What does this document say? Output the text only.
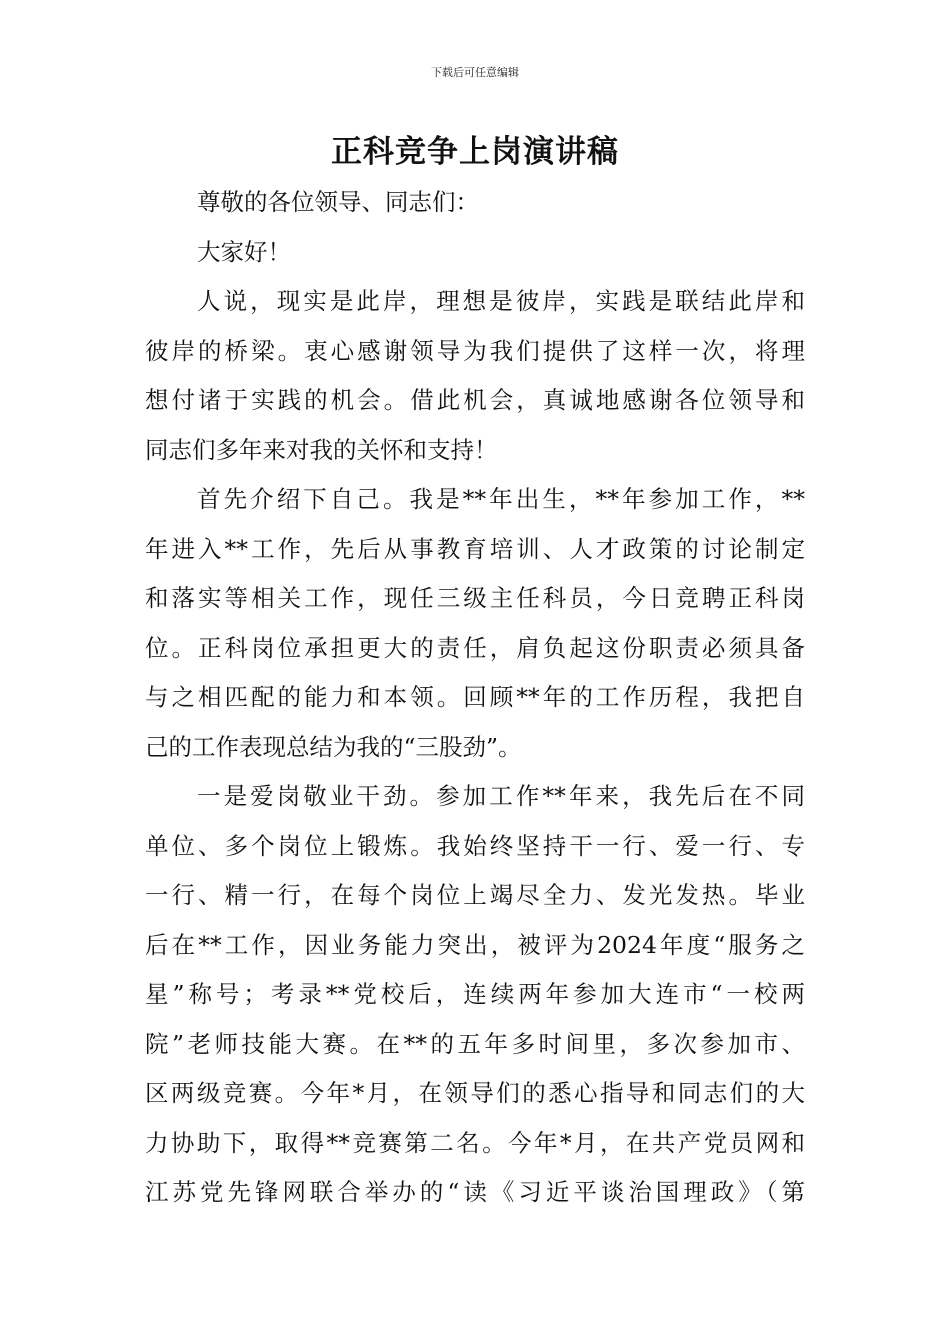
下载后可任意编辑
正科竞争上岗演讲稿
尊敬的各位领导、同志们：
大家好！
人说，现实是此岸，理想是彼岸，实践是联结此岸和
彼岸的桥梁。衷心感谢领导为我们提供了这样一次，将理
想付诸于实践的机会。借此机会，真诚地感谢各位领导和
同志们多年来对我的关怀和支持！
首先介绍下自己。我是**年出生，**年参加工作，**
年进入**工作，先后从事教育培训、人才政策的讨论制定
和落实等相关工作，现任三级主任科员，今日竞聘正科岗
位。正科岗位承担更大的责任，肩负起这份职责必须具备
与之相匹配的能力和本领。回顾**年的工作历程，我把自
己的工作表现总结为我的“三股劲”。
一是爱岗敬业干劲。参加工作**年来，我先后在不同
单位、多个岗位上锻炼。我始终坚持干一行、爱一行、专
一行、精一行，在每个岗位上竭尽全力、发光发热。毕业
后在**工作，因业务能力突出，被评为2024年度“服务之
星”称号；考录**党校后，连续两年参加大连市“一校两
院”老师技能大赛。在**的五年多时间里，多次参加市、
区两级竞赛。今年*月，在领导们的悉心指导和同志们的大
力协助下，取得**竞赛第二名。今年*月，在共产党员网和
江苏党先锋网联合举办的“读《习近平谈治国理政》（第
